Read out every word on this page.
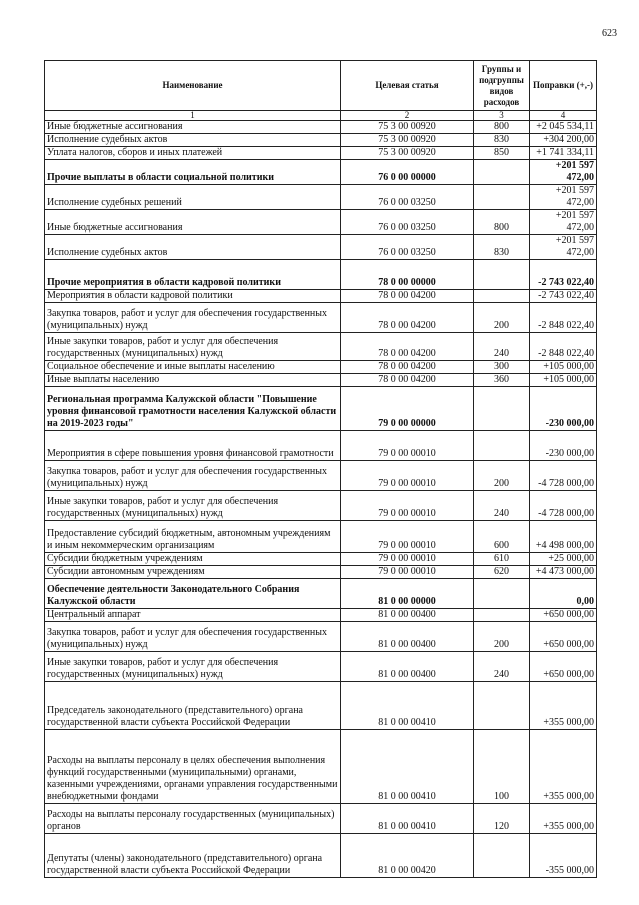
623
Наименование	Целевая статья	Группы и подгруппы видов расходов	Поправки (+,-)
1	2	3	4
Иные бюджетные ассигнования	75 3 00 00920	800	+2 045 534,11
Исполнение судебных актов	75 3 00 00920	830	+304 200,00
Уплата налогов, сборов и иных платежей	75 3 00 00920	850	+1 741 334,11
Прочие выплаты в области социальной политики	76 0 00 00000		+201 597 472,00
Исполнение судебных решений	76 0 00 03250		+201 597 472,00
Иные бюджетные ассигнования	76 0 00 03250	800	+201 597 472,00
Исполнение судебных актов	76 0 00 03250	830	+201 597 472,00
Прочие мероприятия в области кадровой политики	78 0 00 00000		-2 743 022,40
Мероприятия в области кадровой политики	78 0 00 04200		-2 743 022,40
Закупка товаров, работ и услуг для обеспечения государственных (муниципальных) нужд	78 0 00 04200	200	-2 848 022,40
Иные закупки товаров, работ и услуг для обеспечения государственных (муниципальных) нужд	78 0 00 04200	240	-2 848 022,40
Социальное обеспечение и иные выплаты населению	78 0 00 04200	300	+105 000,00
Иные выплаты населению	78 0 00 04200	360	+105 000,00
Региональная программа Калужской области "Повышение уровня финансовой грамотности населения Калужской области на 2019-2023 годы"	79 0 00 00000		-230 000,00
Мероприятия в сфере повышения уровня финансовой грамотности	79 0 00 00010		-230 000,00
Закупка товаров, работ и услуг для обеспечения государственных (муниципальных) нужд	79 0 00 00010	200	-4 728 000,00
Иные закупки товаров, работ и услуг для обеспечения государственных (муниципальных) нужд	79 0 00 00010	240	-4 728 000,00
Предоставление субсидий бюджетным, автономным учреждениям и иным некоммерческим организациям	79 0 00 00010	600	+4 498 000,00
Субсидии бюджетным учреждениям	79 0 00 00010	610	+25 000,00
Субсидии автономным учреждениям	79 0 00 00010	620	+4 473 000,00
Обеспечение деятельности Законодательного Собрания Калужской области	81 0 00 00000		0,00
Центральный аппарат	81 0 00 00400		+650 000,00
Закупка товаров, работ и услуг для обеспечения государственных (муниципальных) нужд	81 0 00 00400	200	+650 000,00
Иные закупки товаров, работ и услуг для обеспечения государственных (муниципальных) нужд	81 0 00 00400	240	+650 000,00
Председатель законодательного (представительного) органа государственной власти субъекта Российской Федерации	81 0 00 00410		+355 000,00
Расходы на выплаты персоналу в целях обеспечения выполнения функций государственными (муниципальными) органами, казенными учреждениями, органами управления государственными внебюджетными фондами	81 0 00 00410	100	+355 000,00
Расходы на выплаты персоналу государственных (муниципальных) органов	81 0 00 00410	120	+355 000,00
Депутаты (члены) законодательного (представительного) органа государственной власти субъекта Российской Федерации	81 0 00 00420		-355 000,00
